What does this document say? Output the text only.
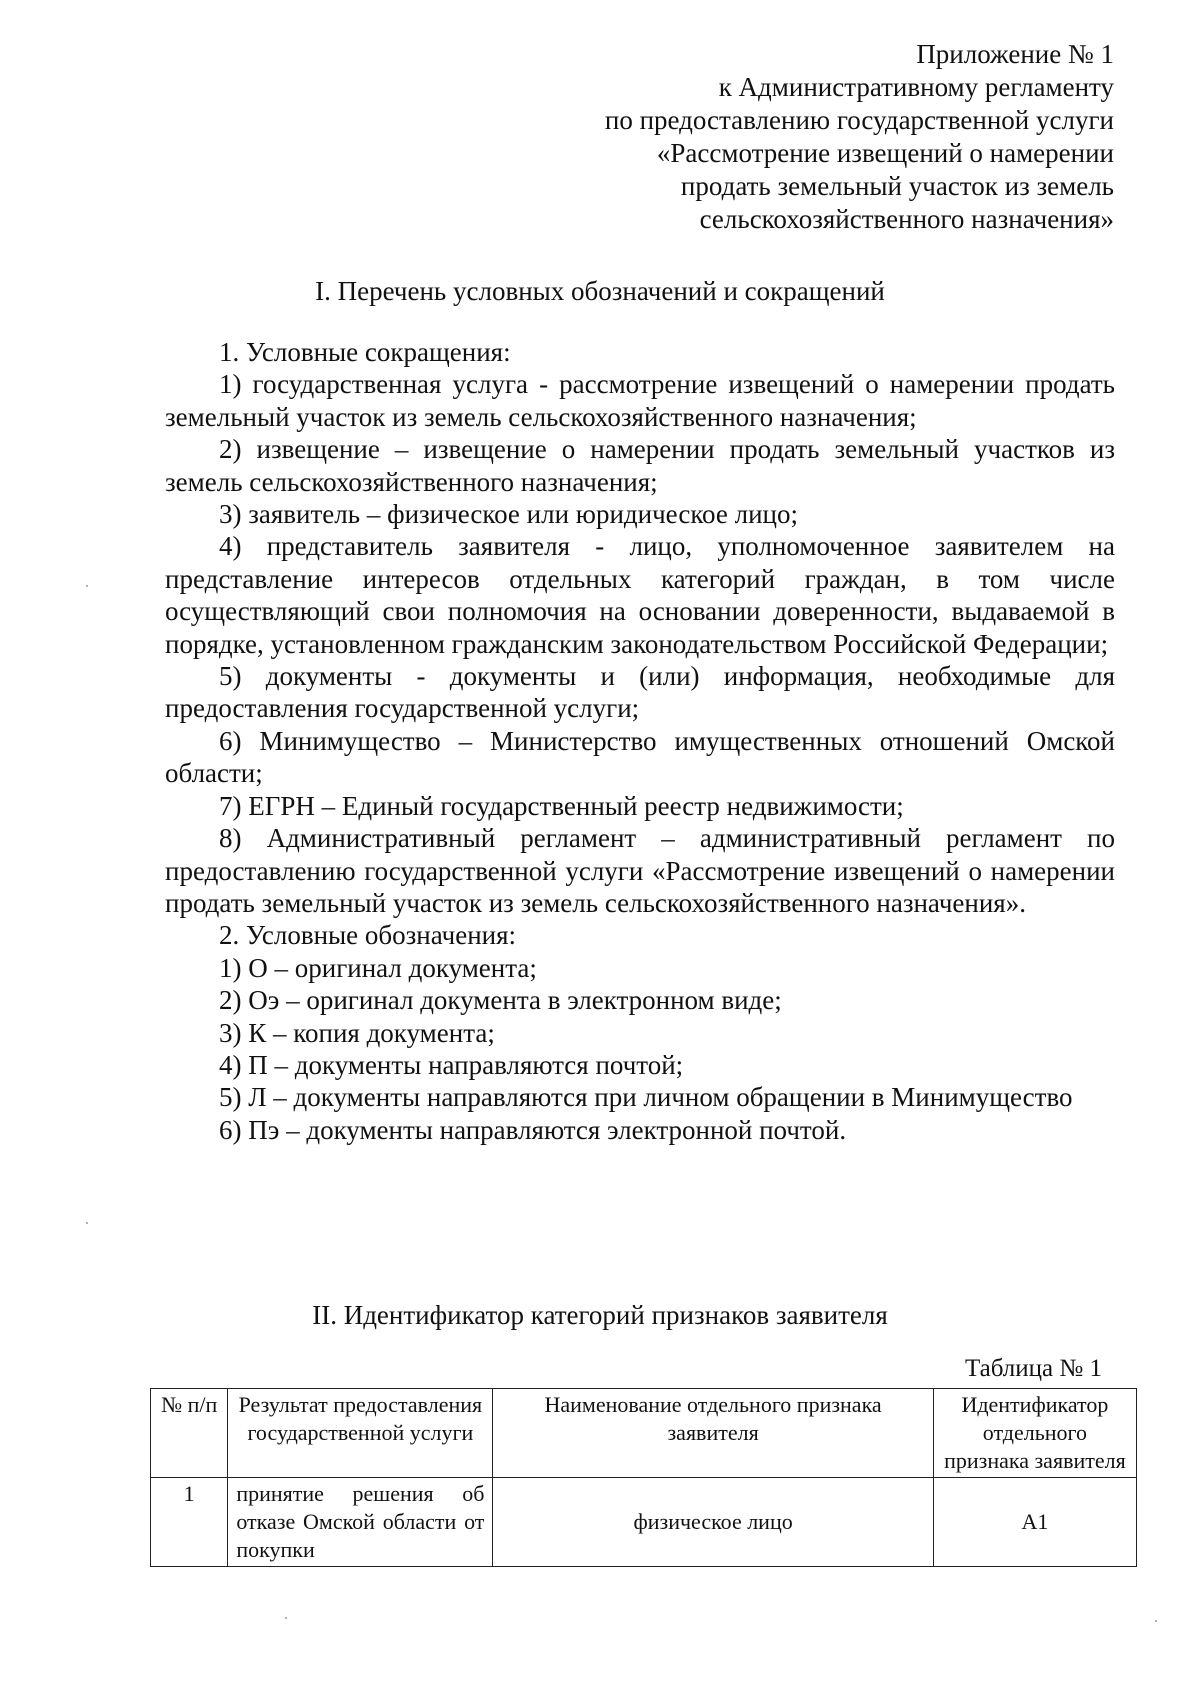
Приложение № 1
к Административному регламенту
по предоставлению государственной услуги
«Рассмотрение извещений о намерении
продать земельный участок из земель
сельскохозяйственного назначения»
I. Перечень условных обозначений и сокращений

1. Условные сокращения:

1) государственная услуга - рассмотрение извещений о намерении продать земельный участок из земель сельскохозяйственного назначения;

2) извещение – извещение о намерении продать земельный участков из земель сельскохозяйственного назначения;

3) заявитель – физическое или юридическое лицо;

4) представитель заявителя - лицо, уполномоченное заявителем на представление интересов отдельных категорий граждан, в том числе осуществляющий свои полномочия на основании доверенности, выдаваемой в порядке, установленном гражданским законодательством Российской Федерации;

5) документы - документы и (или) информация, необходимые для предоставления государственной услуги;

6) Минимущество – Министерство имущественных отношений Омской области;

7) ЕГРН – Единый государственный реестр недвижимости;

8) Административный регламент – административный регламент по предоставлению государственной услуги «Рассмотрение извещений о намерении продать земельный участок из земель сельскохозяйственного назначения».

2. Условные обозначения:

1) О – оригинал документа;

2) Оэ – оригинал документа в электронном виде;

3) К – копия документа;

4) П – документы направляются почтой;

5) Л – документы направляются при личном обращении в Минимущество

6) Пэ – документы направляются электронной почтой.

II. Идентификатор категорий признаков заявителя
Таблица № 1
№ п/п	Результат предоставления государственной услуги	Наименование отдельного признака заявителя	Идентификатор отдельного признака заявителя
1	принятие решения об отказе Омской области от покупки	физическое лицо	А1
